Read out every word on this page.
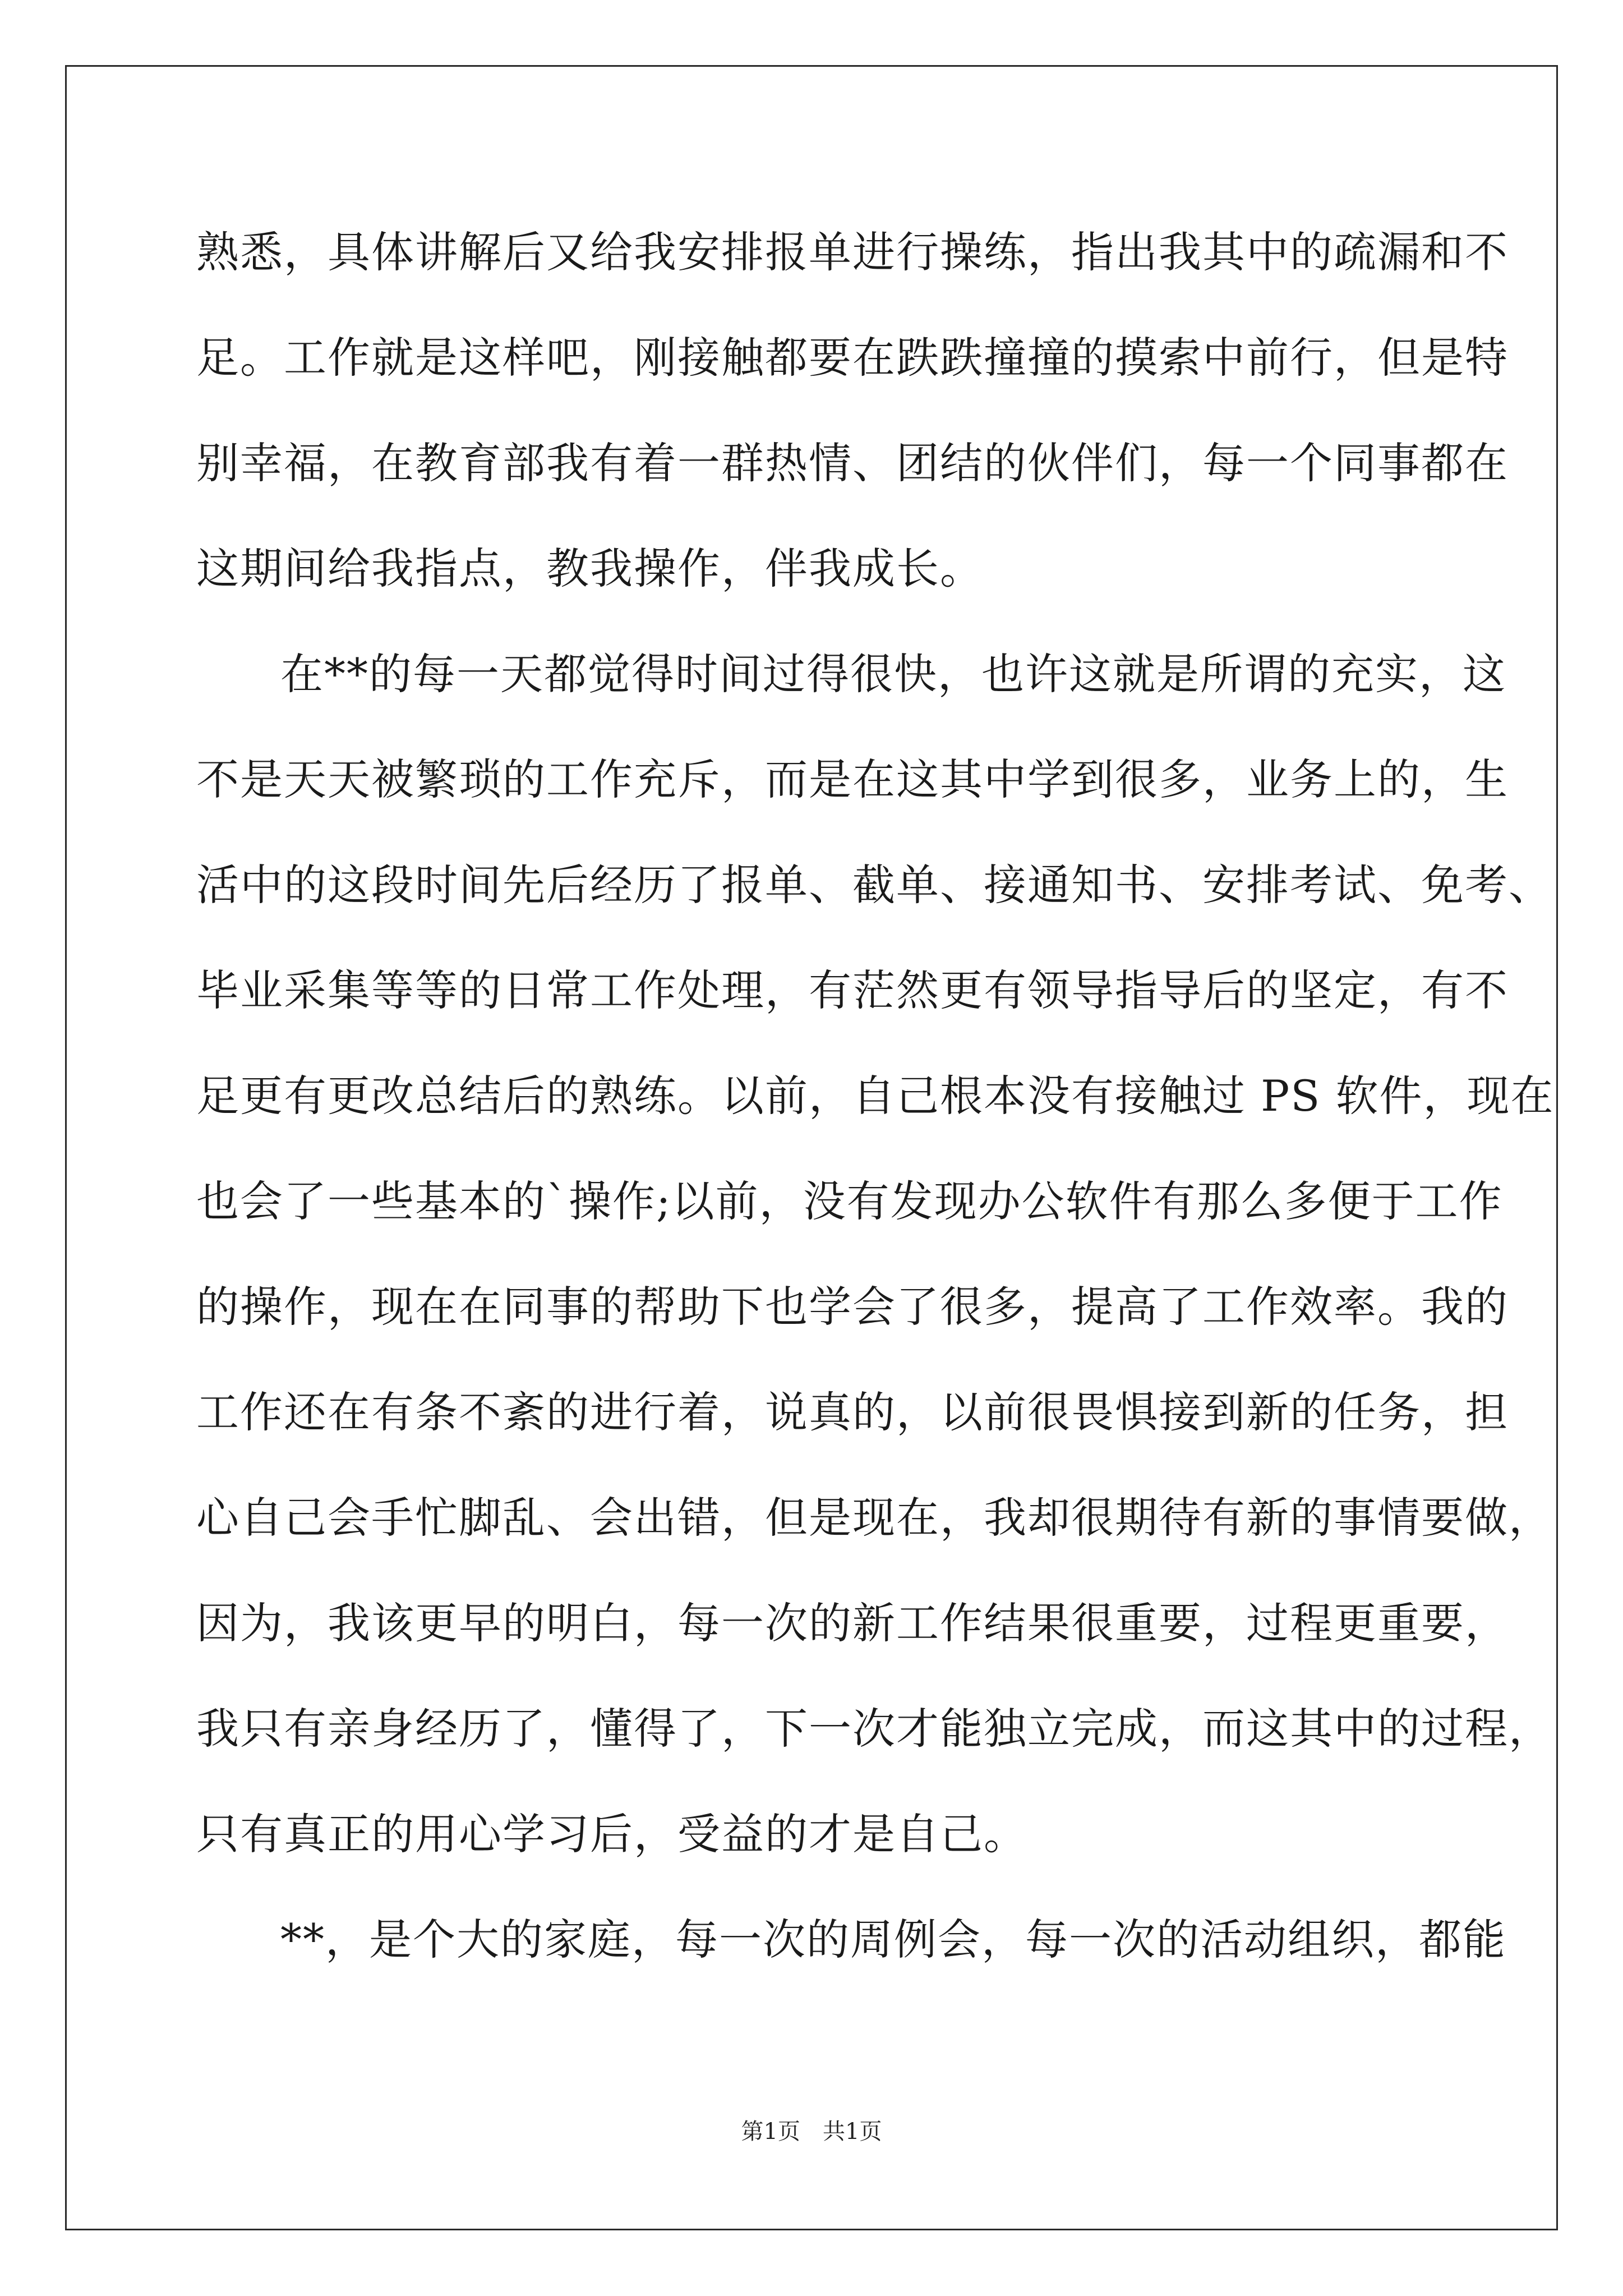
熟悉，具体讲解后又给我安排报单进行操练，指出我其中的疏漏和不
足。工作就是这样吧，刚接触都要在跌跌撞撞的摸索中前行，但是特
别幸福，在教育部我有着一群热情、团结的伙伴们，每一个同事都在
这期间给我指点，教我操作，伴我成长。
在**的每一天都觉得时间过得很快，也许这就是所谓的充实，这
不是天天被繁琐的工作充斥，而是在这其中学到很多，业务上的，生
活中的这段时间先后经历了报单、截单、接通知书、安排考试、免考、
毕业采集等等的日常工作处理，有茫然更有领导指导后的坚定，有不
足更有更改总结后的熟练。以前，自己根本没有接触过 PS 软件，现在
也会了一些基本的`操作;以前，没有发现办公软件有那么多便于工作
的操作，现在在同事的帮助下也学会了很多，提高了工作效率。我的
工作还在有条不紊的进行着，说真的，以前很畏惧接到新的任务，担
心自己会手忙脚乱、会出错，但是现在，我却很期待有新的事情要做，
因为，我该更早的明白，每一次的新工作结果很重要，过程更重要，
我只有亲身经历了，懂得了，下一次才能独立完成，而这其中的过程，
只有真正的用心学习后，受益的才是自己。
**，是个大的家庭，每一次的周例会，每一次的活动组织，都能
第1页 共1页
